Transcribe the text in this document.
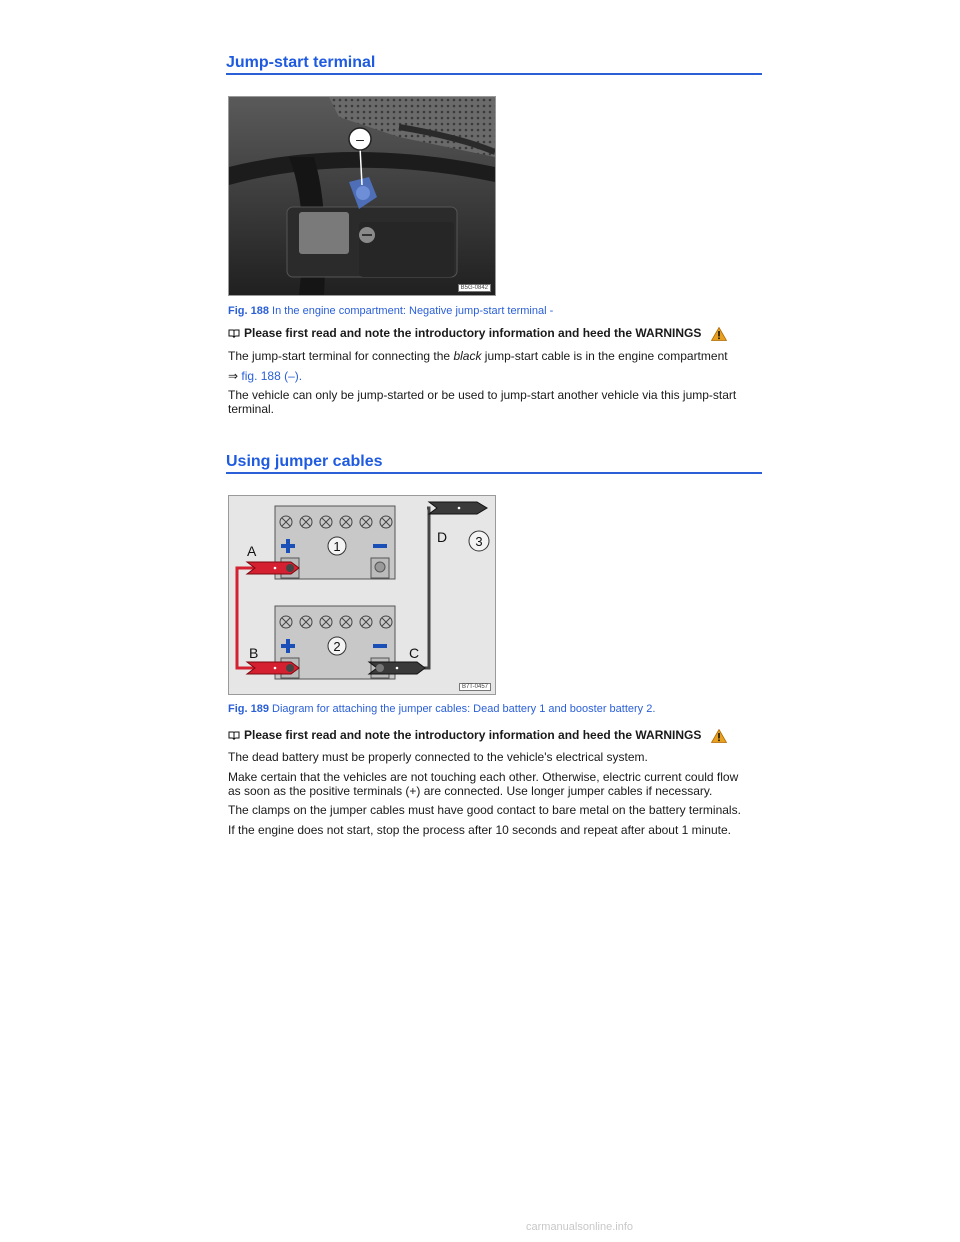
Jump-start terminal
–
B5G-0842
Fig. 188 In the engine compartment: Negative jump-start terminal -

Please first read and note the introductory information and heed the WARNINGS

The jump-start terminal for connecting the black jump-start cable is in the engine compartment

⇒ fig. 188 (–).

The vehicle can only be jump-started or be used to jump-start another vehicle via this jump-start terminal.

Using jumper cables
1
2
A
B	C
D 3
B7T-0457
Fig. 189 Diagram for attaching the jumper cables: Dead battery 1 and booster battery 2.

Please first read and note the introductory information and heed the WARNINGS

The dead battery must be properly connected to the vehicle's electrical system.

Make certain that the vehicles are not touching each other. Otherwise, electric current could flow as soon as the positive terminals (+) are connected. Use longer jumper cables if necessary.

The clamps on the jumper cables must have good contact to bare metal on the battery terminals.

If the engine does not start, stop the process after 10 seconds and repeat after about 1 minute.

carmanualsonline.info
